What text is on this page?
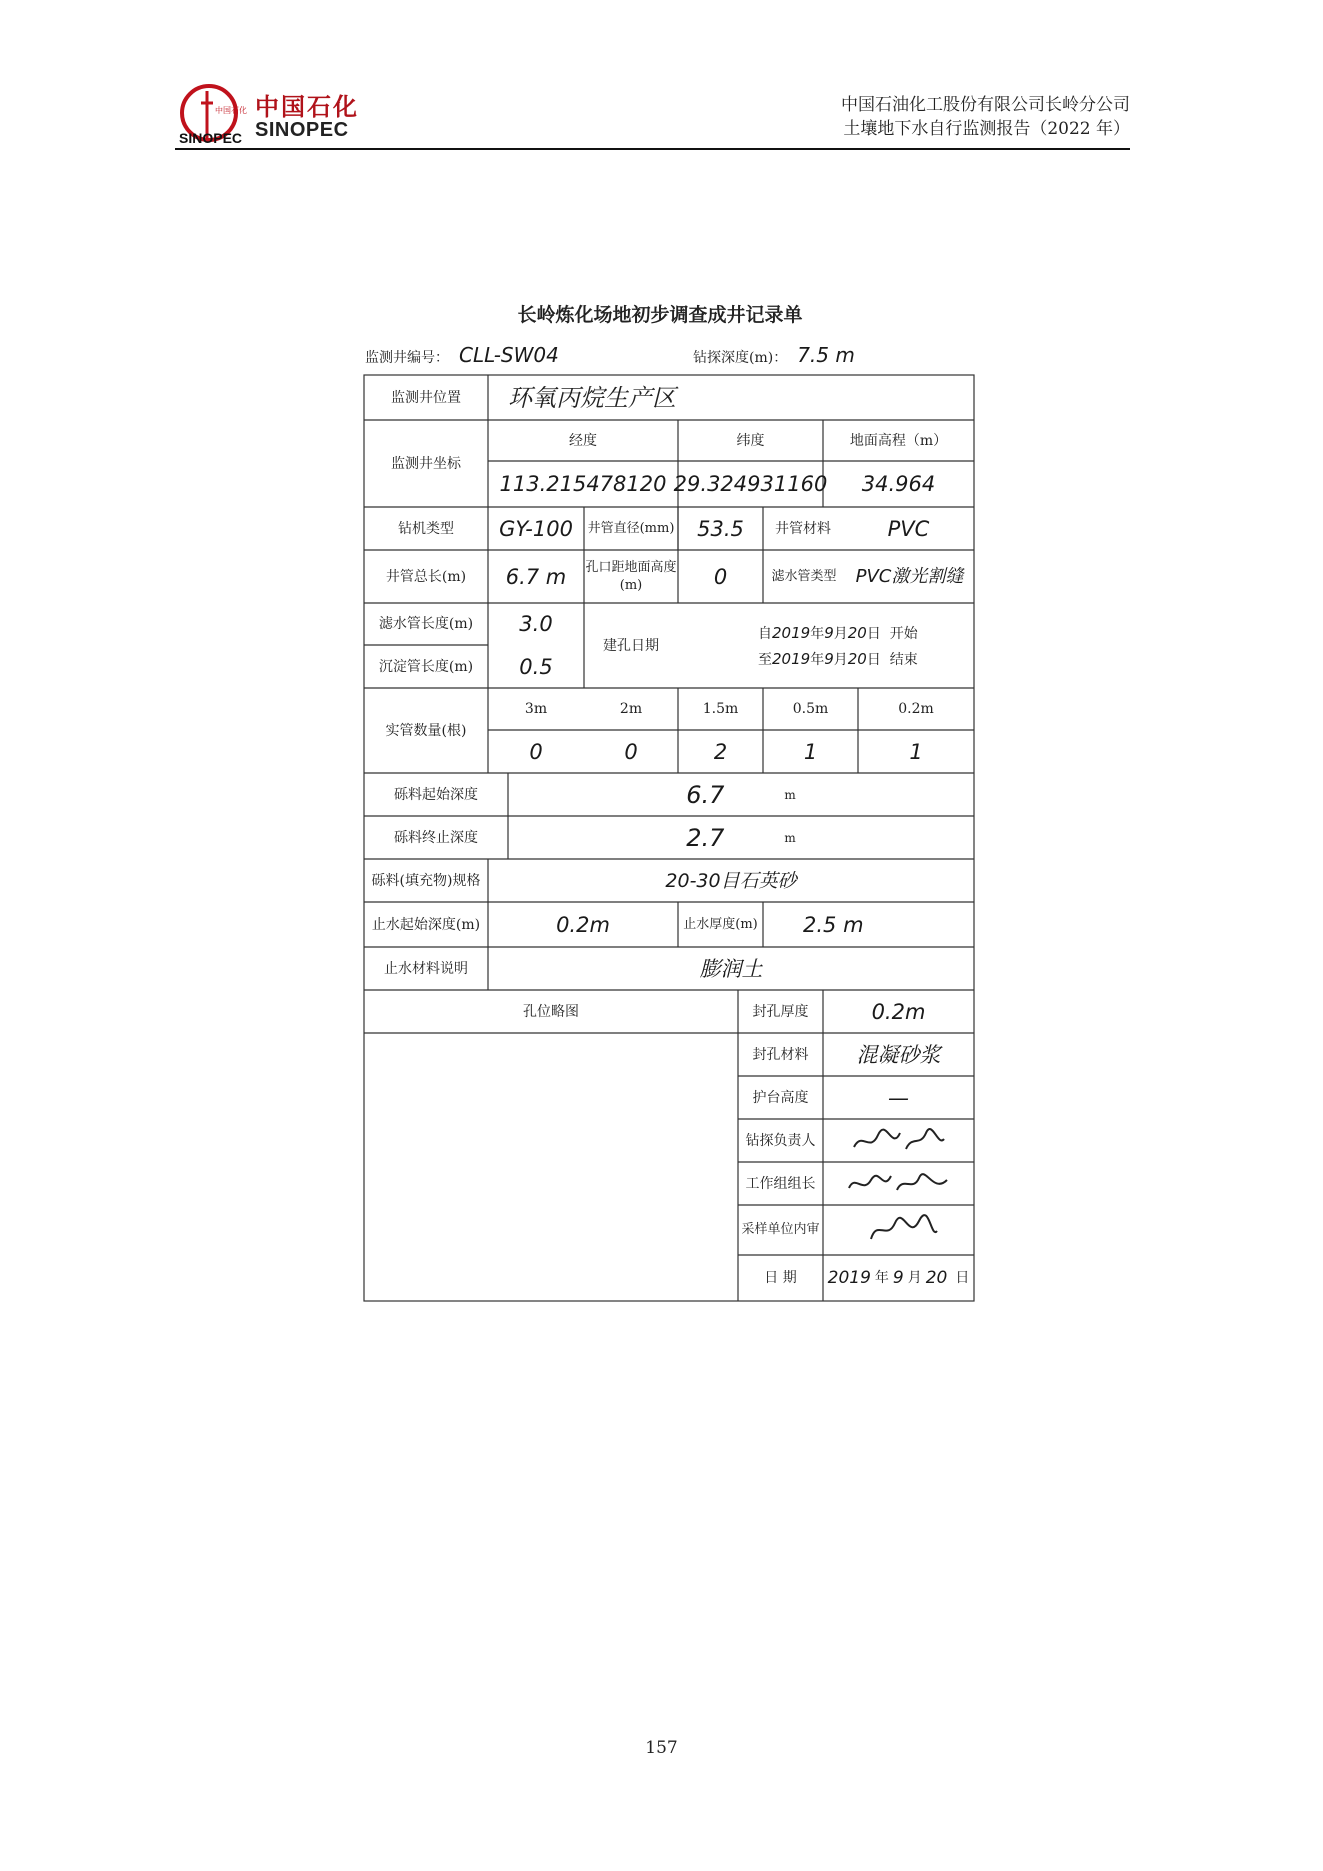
中国石化
SINOPEC
中国石化
SINOPEC
中国石油化工股份有限公司长岭分公司
土壤地下水自行监测报告（2022 年）
长岭炼化场地初步调查成井记录单
监测井编号： CLL-SW04	钻探深度(m)： 7.5 m
监测井位置	环氧丙烷生产区
监测井坐标
经度	纬度	地面高程（m）
113.215478120 29.324931160	34.964
钻机类型	GY-100	井管直径(mm)	53.5	井管材料	PVC
井管总长(m)	6.7 m	孔口距地面高度(m)	0	滤水管类型	PVC激光割缝
滤水管长度(m)	3.0
沉淀管长度(m)	0.5
建孔日期
自2019年9月20日 开始
至2019年9月20日 结束
实管数量(根)
3m	2m	1.5m	0.5m	0.2m
0	0	2	1	1
砾料起始深度	6.7	m
砾料终止深度	2.7	m
砾料(填充物)规格	20-30目石英砂
止水起始深度(m)	0.2m	止水厚度(m)	2.5 m
止水材料说明	膨润土
孔位略图	封孔厚度	0.2m
封孔材料	混凝砂浆
护台高度	—
钻探负责人
工作组组长
采样单位内审
日 期	2019 年 9 月 20 日
157
